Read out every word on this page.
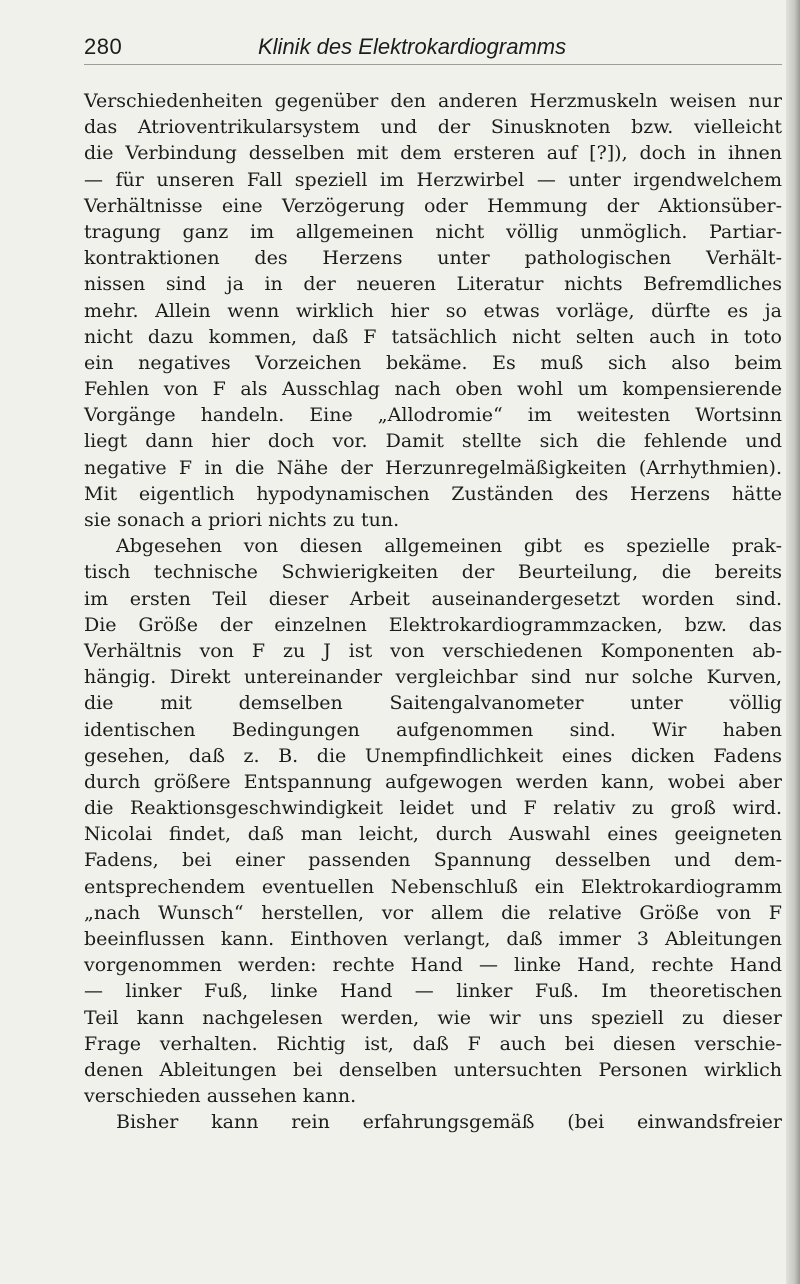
280	Klinik des Elektrokardiogramms
Verschiedenheiten gegenüber den anderen Herzmuskeln weisen nur
das Atrioventrikularsystem und der Sinusknoten bzw. vielleicht
die Verbindung desselben mit dem ersteren auf [?]), doch in ihnen
— für unseren Fall speziell im Herzwirbel — unter irgendwelchem
Verhältnisse eine Verzögerung oder Hemmung der Aktionsüber-
tragung ganz im allgemeinen nicht völlig unmöglich. Partiar-
kontraktionen des Herzens unter pathologischen Verhält-
nissen sind ja in der neueren Literatur nichts Befremdliches
mehr. Allein wenn wirklich hier so etwas vorläge, dürfte es ja
nicht dazu kommen, daß F tatsächlich nicht selten auch in toto
ein negatives Vorzeichen bekäme. Es muß sich also beim
Fehlen von F als Ausschlag nach oben wohl um kompensierende
Vorgänge handeln. Eine „Allodromie“ im weitesten Wortsinn
liegt dann hier doch vor. Damit stellte sich die fehlende und
negative F in die Nähe der Herzunregelmäßigkeiten (Arrhythmien).
Mit eigentlich hypodynamischen Zuständen des Herzens hätte
sie sonach a priori nichts zu tun.
Abgesehen von diesen allgemeinen gibt es spezielle prak-
tisch technische Schwierigkeiten der Beurteilung, die bereits
im ersten Teil dieser Arbeit auseinandergesetzt worden sind.
Die Größe der einzelnen Elektrokardiogrammzacken, bzw. das
Verhältnis von F zu J ist von verschiedenen Komponenten ab-
hängig. Direkt untereinander vergleichbar sind nur solche Kurven,
die mit demselben Saitengalvanometer unter völlig
identischen Bedingungen aufgenommen sind. Wir haben
gesehen, daß z. B. die Unempfindlichkeit eines dicken Fadens
durch größere Entspannung aufgewogen werden kann, wobei aber
die Reaktionsgeschwindigkeit leidet und F relativ zu groß wird.
Nicolai findet, daß man leicht, durch Auswahl eines geeigneten
Fadens, bei einer passenden Spannung desselben und dem-
entsprechendem eventuellen Nebenschluß ein Elektrokardiogramm
„nach Wunsch“ herstellen, vor allem die relative Größe von F
beeinflussen kann. Einthoven verlangt, daß immer 3 Ableitungen
vorgenommen werden: rechte Hand — linke Hand, rechte Hand
— linker Fuß, linke Hand — linker Fuß. Im theoretischen
Teil kann nachgelesen werden, wie wir uns speziell zu dieser
Frage verhalten. Richtig ist, daß F auch bei diesen verschie-
denen Ableitungen bei denselben untersuchten Personen wirklich
verschieden aussehen kann.
Bisher kann rein erfahrungsgemäß (bei einwandsfreier
